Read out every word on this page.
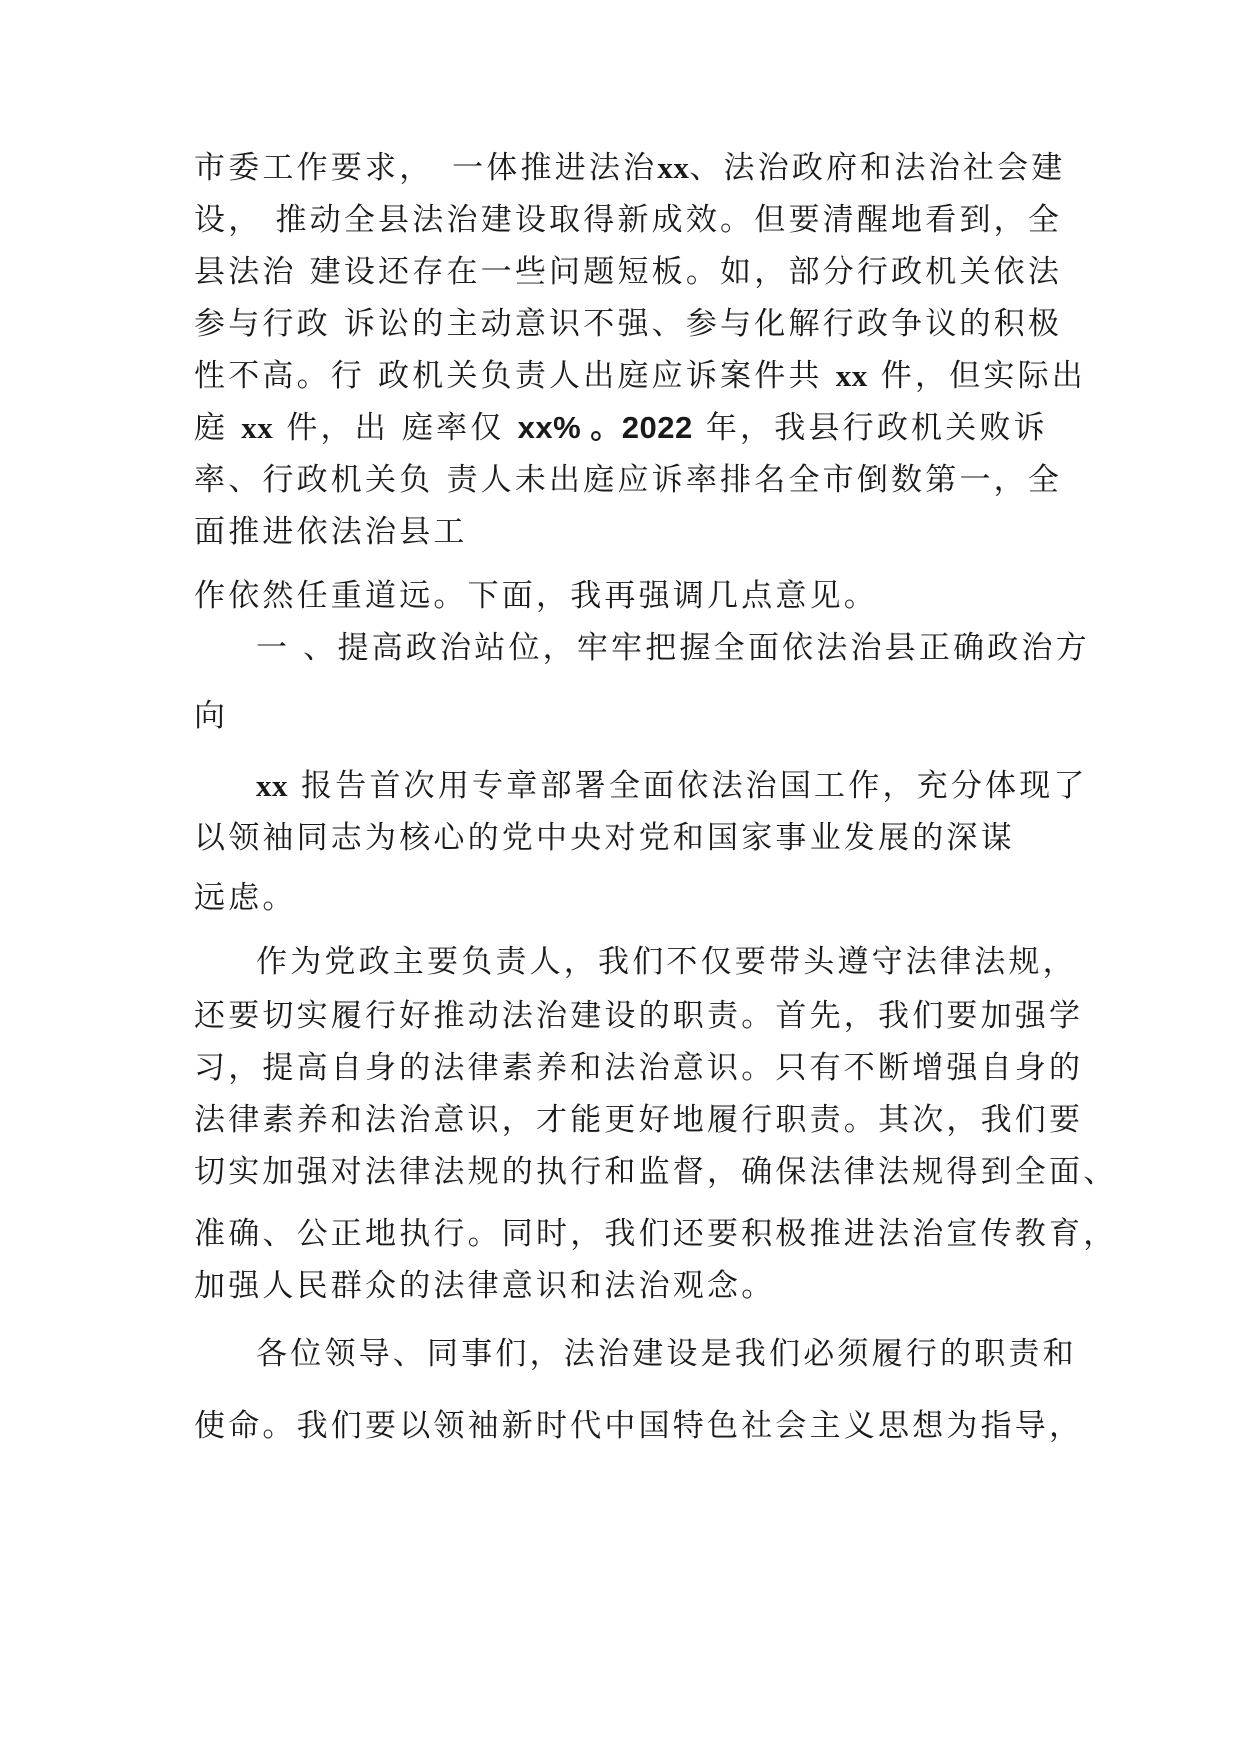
市委工作要求，　一体推进法治xx、法治政府和法治社会建
设， 推动全县法治建设取得新成效。但要清醒地看到，全
县法治 建设还存在一些问题短板。如，部分行政机关依法
参与行政 诉讼的主动意识不强、参与化解行政争议的积极
性不高。行 政机关负责人出庭应诉案件共 xx 件，但实际出
庭 xx 件，出 庭率仅 xx% 。2022 年，我县行政机关败诉
率、行政机关负 责人未出庭应诉率排名全市倒数第一，全
面推进依法治县工
作依然任重道远。下面，我再强调几点意见。
一 、提高政治站位，牢牢把握全面依法治县正确政治方
向
xx 报告首次用专章部署全面依法治国工作，充分体现了
以领袖同志为核心的党中央对党和国家事业发展的深谋
远虑。
作为党政主要负责人，我们不仅要带头遵守法律法规，
还要切实履行好推动法治建设的职责。首先，我们要加强学
习，提高自身的法律素养和法治意识。只有不断增强自身的
法律素养和法治意识，才能更好地履行职责。其次，我们要
切实加强对法律法规的执行和监督，确保法律法规得到全面、
准确、公正地执行。同时，我们还要积极推进法治宣传教育，
加强人民群众的法律意识和法治观念。
各位领导、同事们，法治建设是我们必须履行的职责和
使命。我们要以领袖新时代中国特色社会主义思想为指导，
